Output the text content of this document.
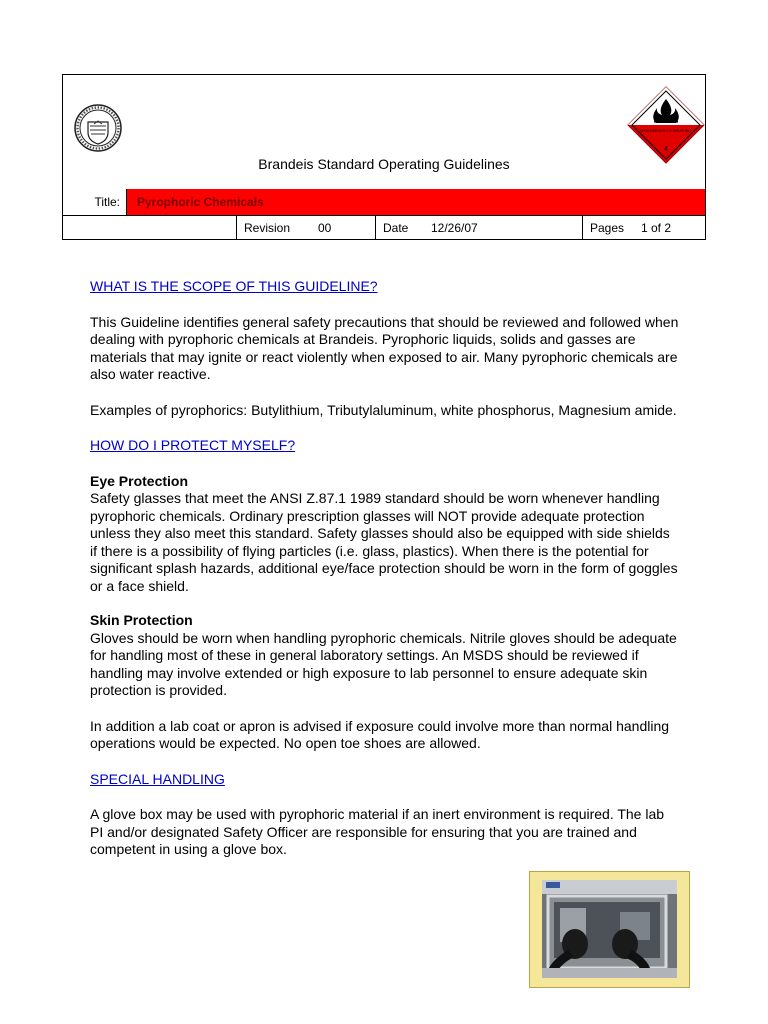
SPONTANEOUSLY COMBUSTIBLE
4
Brandeis Standard Operating Guidelines
Title:	Pyrophoric Chemicals
Revision 00	Date 12/26/07	Pages 1 of 2

WHAT IS THE SCOPE OF THIS GUIDELINE?

This Guideline identifies general safety precautions that should be reviewed and followed when dealing with pyrophoric chemicals at Brandeis. Pyrophoric liquids, solids and gasses are materials that may ignite or react violently when exposed to air. Many pyrophoric chemicals are also water reactive.

Examples of pyrophorics: Butylithium, Tributylaluminum, white phosphorus, Magnesium amide.

HOW DO I PROTECT MYSELF?

Eye Protection

Safety glasses that meet the ANSI Z.87.1 1989 standard should be worn whenever handling pyrophoric chemicals. Ordinary prescription glasses will NOT provide adequate protection unless they also meet this standard. Safety glasses should also be equipped with side shields if there is a possibility of flying particles (i.e. glass, plastics). When there is the potential for significant splash hazards, additional eye/face protection should be worn in the form of goggles or a face shield.

Skin Protection

Gloves should be worn when handling pyrophoric chemicals. Nitrile gloves should be adequate for handling most of these in general laboratory settings. An MSDS should be reviewed if handling may involve extended or high exposure to lab personnel to ensure adequate skin protection is provided.

In addition a lab coat or apron is advised if exposure could involve more than normal handling operations would be expected. No open toe shoes are allowed.

SPECIAL HANDLING

A glove box may be used with pyrophoric material if an inert environment is required. The lab PI and/or designated Safety Officer are responsible for ensuring that you are trained and competent in using a glove box.
